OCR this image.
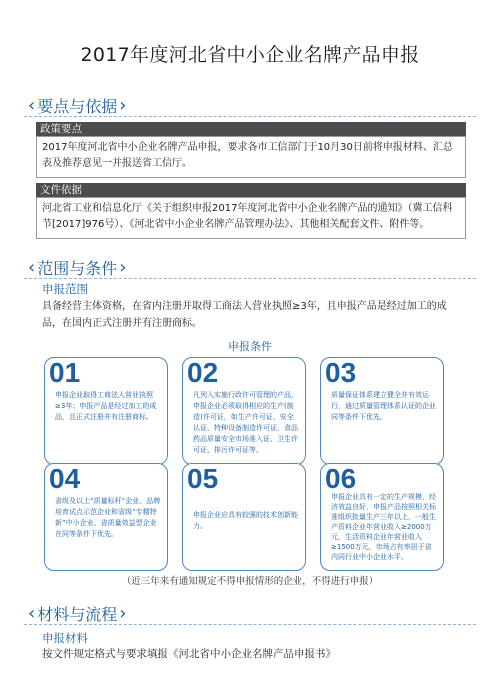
2017年度河北省中小企业名牌产品申报
‹ 要点与依据 ›
政策要点
2017年度河北省中小企业名牌产品申报，要求各市工信部门于10月30日前将申报材料、汇总表及推荐意见一并报送省工信厅。
文件依据
河北省工业和信息化厅《关于组织申报2017年度河北省中小企业名牌产品的通知》（冀工信科节[2017]976号）、《河北省中小企业名牌产品管理办法》、其他相关配套文件、附件等。
‹ 范围与条件 ›
申报范围
具备经营主体资格，在省内注册并取得工商法人营业执照≥3年，且申报产品是经过加工的成品，在国内正式注册并有注册商标。
申报条件
01
申报企业取得工商法人营业执照≥3年；申报产品是经过加工的成品，且正式注册并有注册商标。
02
凡列入实施行政许可管理的产品，申报企业必须取得相应的生产(制造)许可证，如生产许可证、安全认证、特种设备制造许可证、食品药品质量安全市场准入证、卫生许可证、排污许可证等。
03
质量保证体系建立健全并有效运行，通过质量管理体系认证的企业同等条件下优先。
04
省级及以上“质量标杆”企业、品牌培育试点示范企业和省级“专精特新”中小企业、省质量效益型企业在同等条件下优先。
05
申报企业应具有较强的技术创新能力。
06
申报企业具有一定的生产规模，经济效益良好，申报产品按照相关标准组织批量生产三年以上，一般生产资料企业年营业收入≥2000万元，生活资料企业年营业收入≥1500万元，市场占有率居于省内同行业中小企业水平。
（近三年来有通知规定不得申报情形的企业，不得进行申报）
‹ 材料与流程 ›
申报材料
按文件规定格式与要求填报《河北省中小企业名牌产品申报书》
